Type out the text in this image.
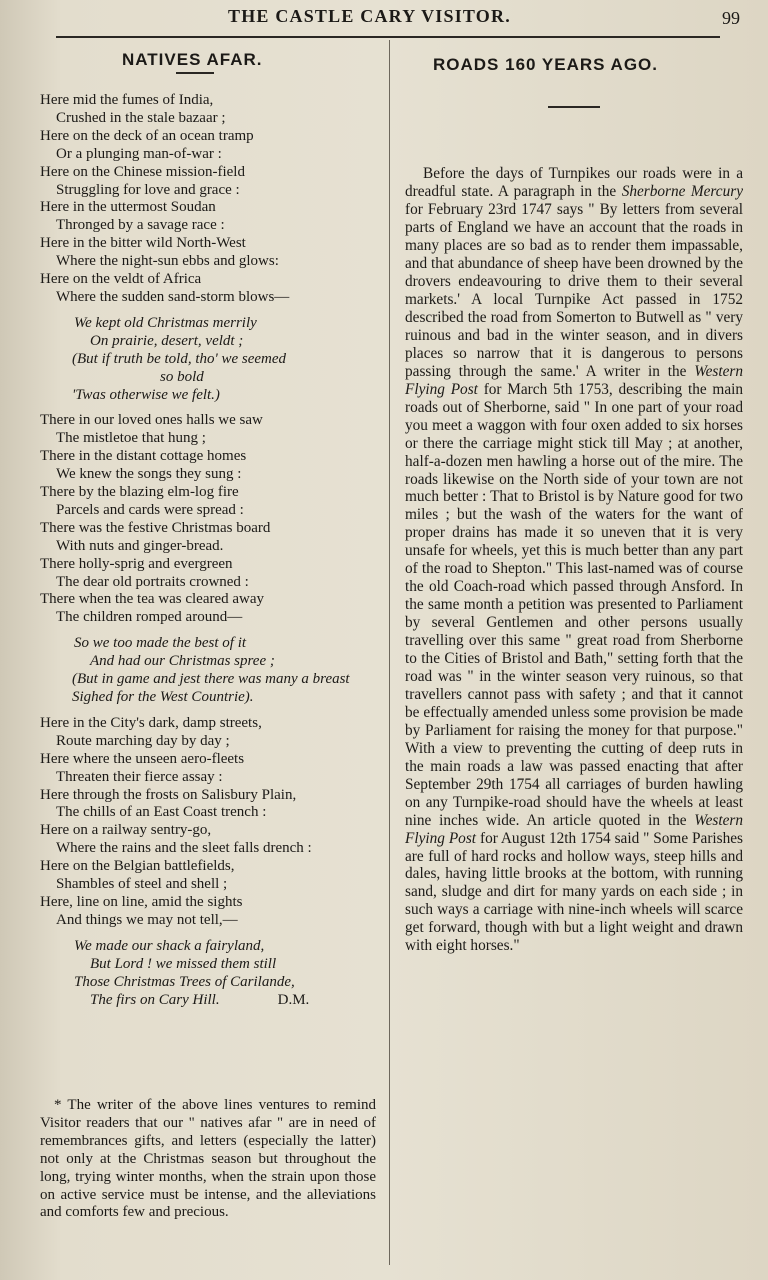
THE CASTLE CARY VISITOR.	99
NATIVES AFAR.

Here mid the fumes of India,

Crushed in the stale bazaar ;

Here on the deck of an ocean tramp

Or a plunging man-of-war :

Here on the Chinese mission-field

Struggling for love and grace :

Here in the uttermost Soudan

Thronged by a savage race :

Here in the bitter wild North-West

Where the night-sun ebbs and glows:

Here on the veldt of Africa

Where the sudden sand-storm blows—

We kept old Christmas merrily

On prairie, desert, veldt ;

(But if truth be told, tho' we seemed

so bold

'Twas otherwise we felt.)

There in our loved ones halls we saw

The mistletoe that hung ;

There in the distant cottage homes

We knew the songs they sung :

There by the blazing elm-log fire

Parcels and cards were spread :

There was the festive Christmas board

With nuts and ginger-bread.

There holly-sprig and evergreen

The dear old portraits crowned :

There when the tea was cleared away

The children romped around—

So we too made the best of it

And had our Christmas spree ;

(But in game and jest there was many a breast

Sighed for the West Countrie).

Here in the City's dark, damp streets,

Route marching day by day ;

Here where the unseen aero-fleets

Threaten their fierce assay :

Here through the frosts on Salisbury Plain,

The chills of an East Coast trench :

Here on a railway sentry-go,

Where the rains and the sleet falls drench :

Here on the Belgian battlefields,

Shambles of steel and shell ;

Here, line on line, amid the sights

And things we may not tell,—

We made our shack a fairyland,

But Lord ! we missed them still

Those Christmas Trees of Carilande,

The firs on Cary Hill.	D.M.

* The writer of the above lines ventures to remind Visitor readers that our " natives afar " are in need of remembrances gifts, and letters (especially the latter) not only at the Christmas season but throughout the long, trying winter months, when the strain upon those on active service must be intense, and the alleviations and comforts few and precious.

ROADS 160 YEARS AGO.

Before the days of Turnpikes our roads were in a dreadful state. A paragraph in the Sherborne Mercury for February 23rd 1747 says " By letters from several parts of England we have an account that the roads in many places are so bad as to render them impassable, and that abundance of sheep have been drowned by the drovers endeavouring to drive them to their several markets.' A local Turnpike Act passed in 1752 described the road from Somerton to Butwell as " very ruinous and bad in the winter season, and in divers places so narrow that it is dangerous to persons passing through the same.' A writer in the Western Flying Post for March 5th 1753, describing the main roads out of Sherborne, said " In one part of your road you meet a waggon with four oxen added to six horses or there the carriage might stick till May ; at another, half-a-dozen men hawling a horse out of the mire. The roads likewise on the North side of your town are not much better : That to Bristol is by Nature good for two miles ; but the wash of the waters for the want of proper drains has made it so uneven that it is very unsafe for wheels, yet this is much better than any part of the road to Shepton." This last-named was of course the old Coach-road which passed through Ansford. In the same month a petition was presented to Parliament by several Gentlemen and other persons usually travelling over this same " great road from Sherborne to the Cities of Bristol and Bath," setting forth that the road was " in the winter season very ruinous, so that travellers cannot pass with safety ; and that it cannot be effectually amended unless some provision be made by Parliament for raising the money for that purpose." With a view to preventing the cutting of deep ruts in the main roads a law was passed enacting that after September 29th 1754 all carriages of burden hawling on any Turnpike-road should have the wheels at least nine inches wide. An article quoted in the Western Flying Post for August 12th 1754 said " Some Parishes are full of hard rocks and hollow ways, steep hills and dales, having little brooks at the bottom, with running sand, sludge and dirt for many yards on each side ; in such ways a carriage with nine-inch wheels will scarce get forward, though with but a light weight and drawn with eight horses."
